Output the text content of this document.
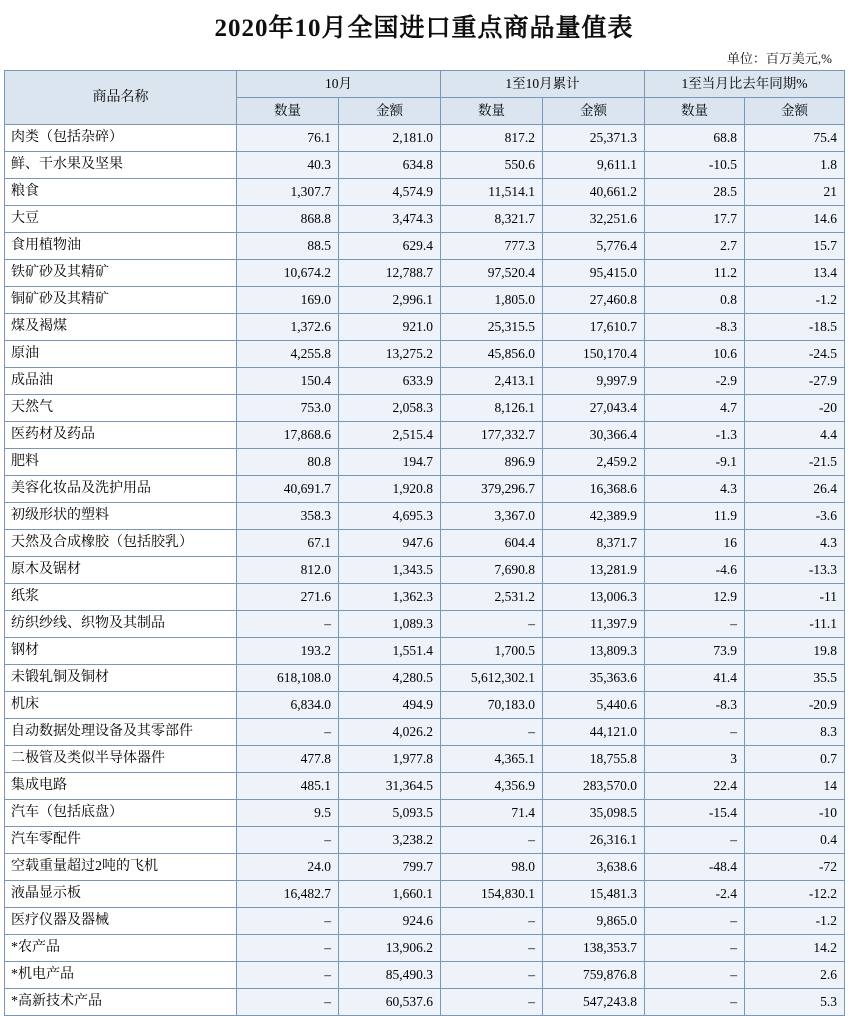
2020年10月全国进口重点商品量值表
单位：百万美元,%
商品名称	10月		1至10月累计		1至当月比去年同期%	
	数量	金额	数量	金额	数量	金额
肉类（包括杂碎）	76.1	2,181.0	817.2	25,371.3	68.8	75.4
鲜、干水果及坚果	40.3	634.8	550.6	9,611.1	-10.5	1.8
粮食	1,307.7	4,574.9	11,514.1	40,661.2	28.5	21
大豆	868.8	3,474.3	8,321.7	32,251.6	17.7	14.6
食用植物油	88.5	629.4	777.3	5,776.4	2.7	15.7
铁矿砂及其精矿	10,674.2	12,788.7	97,520.4	95,415.0	11.2	13.4
铜矿砂及其精矿	169.0	2,996.1	1,805.0	27,460.8	0.8	-1.2
煤及褐煤	1,372.6	921.0	25,315.5	17,610.7	-8.3	-18.5
原油	4,255.8	13,275.2	45,856.0	150,170.4	10.6	-24.5
成品油	150.4	633.9	2,413.1	9,997.9	-2.9	-27.9
天然气	753.0	2,058.3	8,126.1	27,043.4	4.7	-20
医药材及药品	17,868.6	2,515.4	177,332.7	30,366.4	-1.3	4.4
肥料	80.8	194.7	896.9	2,459.2	-9.1	-21.5
美容化妆品及洗护用品	40,691.7	1,920.8	379,296.7	16,368.6	4.3	26.4
初级形状的塑料	358.3	4,695.3	3,367.0	42,389.9	11.9	-3.6
天然及合成橡胶（包括胶乳）	67.1	947.6	604.4	8,371.7	16	4.3
原木及锯材	812.0	1,343.5	7,690.8	13,281.9	-4.6	-13.3
纸浆	271.6	1,362.3	2,531.2	13,006.3	12.9	-11
纺织纱线、织物及其制品	–	1,089.3	–	11,397.9	–	-11.1
钢材	193.2	1,551.4	1,700.5	13,809.3	73.9	19.8
未锻轧铜及铜材	618,108.0	4,280.5	5,612,302.1	35,363.6	41.4	35.5
机床	6,834.0	494.9	70,183.0	5,440.6	-8.3	-20.9
自动数据处理设备及其零部件	–	4,026.2	–	44,121.0	–	8.3
二极管及类似半导体器件	477.8	1,977.8	4,365.1	18,755.8	3	0.7
集成电路	485.1	31,364.5	4,356.9	283,570.0	22.4	14
汽车（包括底盘）	9.5	5,093.5	71.4	35,098.5	-15.4	-10
汽车零配件	–	3,238.2	–	26,316.1	–	0.4
空载重量超过2吨的飞机	24.0	799.7	98.0	3,638.6	-48.4	-72
液晶显示板	16,482.7	1,660.1	154,830.1	15,481.3	-2.4	-12.2
医疗仪器及器械	–	924.6	–	9,865.0	–	-1.2
*农产品	–	13,906.2	–	138,353.7	–	14.2
*机电产品	–	85,490.3	–	759,876.8	–	2.6
*高新技术产品	–	60,537.6	–	547,243.8	–	5.3
